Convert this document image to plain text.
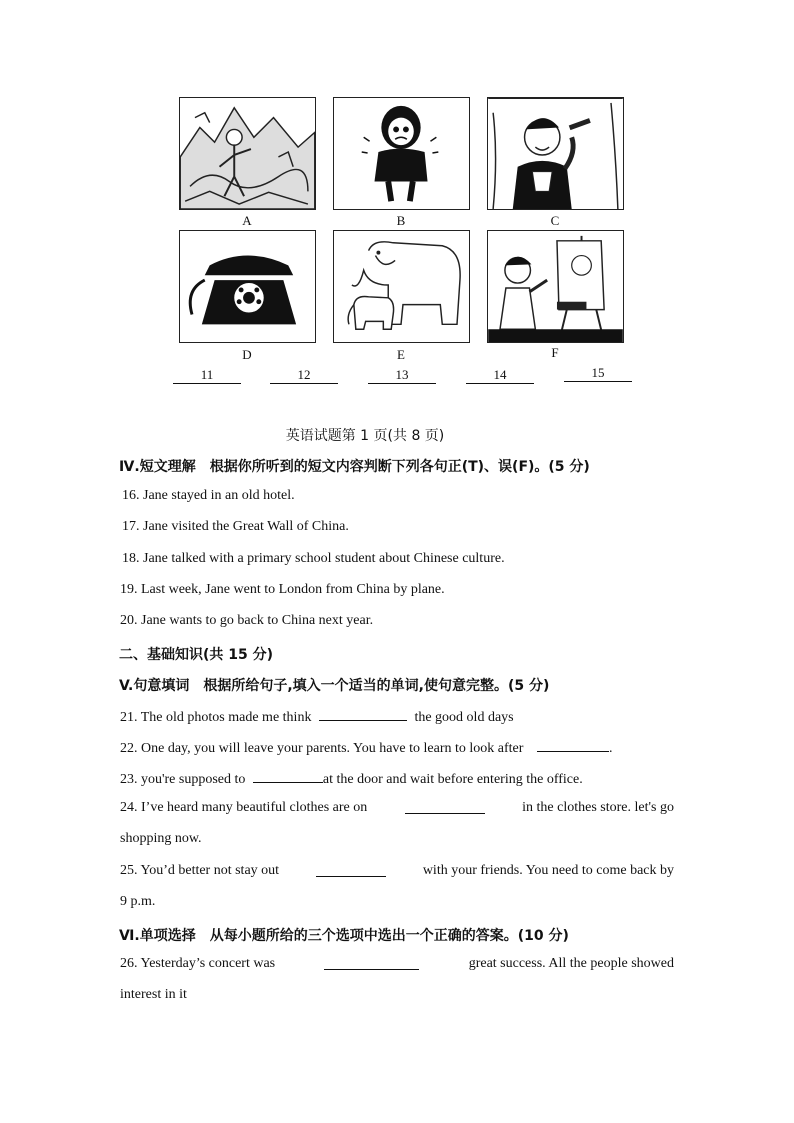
A	B	C
D	E	F
11	12	13	14	15
英语试题第 1 页(共 8 页)
Ⅳ.短文理解　根据你所听到的短文内容判断下列各句正(T)、误(F)。(5 分)
16. Jane stayed in an old hotel.
17. Jane visited the Great Wall of China.
18. Jane talked with a primary school student about Chinese culture.
19. Last week, Jane went to London from China by plane.
20. Jane wants to go back to China next year.
二、基础知识(共 15 分)
V.句意填词　根据所给句子,填入一个适当的单词,使句意完整。(5 分)
21. The old photos made me think	the good old days
22. One day, you will leave your parents. You have to learn to look after	.
23. you're supposed to	at the door and wait before entering the office.
24. I’ve heard many beautiful clothes are on	in the clothes store. let's go
shopping now.
25. You’d better not stay out	with your friends. You need to come back by
9 p.m.
Ⅵ.单项选择　从每小题所给的三个选项中选出一个正确的答案。(10 分)
26. Yesterday’s concert was	great success. All the people showed
interest in it
